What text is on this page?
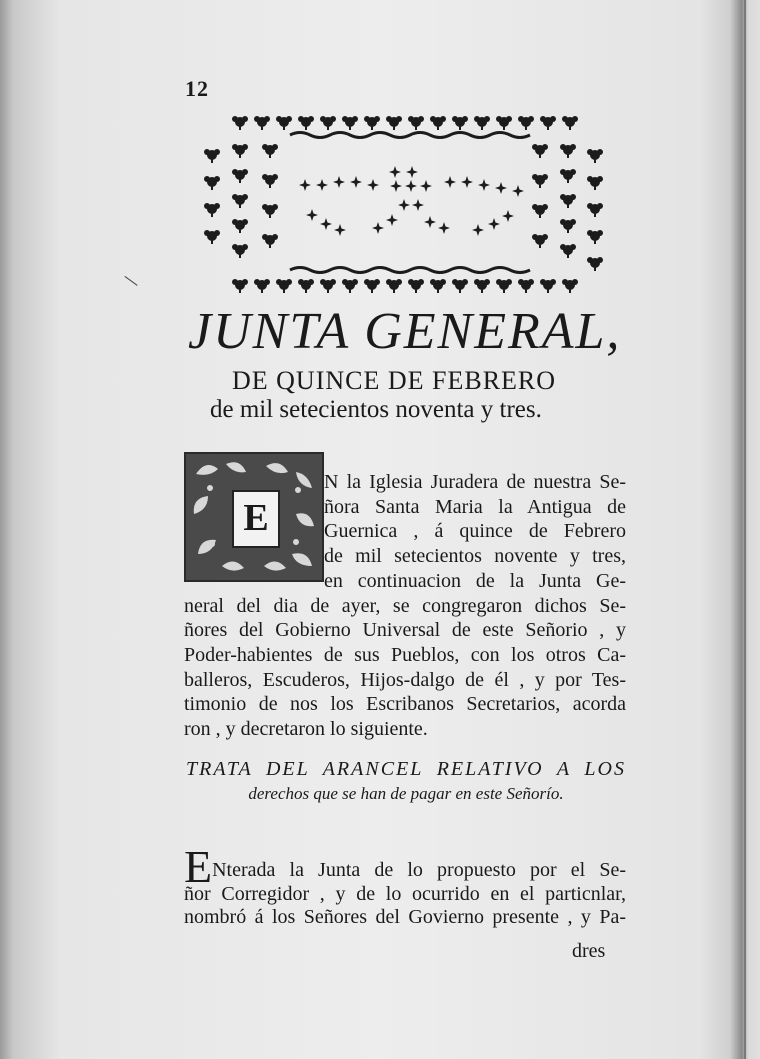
\
12

JUNTA GENERAL,
DE QUINCE DE FEBRERO
de mil setecientos noventa y tres.
E
N la Iglesia Juradera de nuestra Se-
ñora Santa Maria la Antigua de
Guernica , á quince de Febrero
de mil setecientos novente y tres,
en continuacion de la Junta Ge-
neral del dia de ayer, se congregaron dichos Se-
ñores del Gobierno Universal de este Señorio , y
Poder-habientes de sus Pueblos, con los otros Ca-
balleros, Escuderos, Hijos-dalgo de él , y por Tes-
timonio de nos los Escribanos Secretarios, acorda
ron , y decretaron lo siguiente.
TRATA DEL ARANCEL RELATIVO A LOS
derechos que se han de pagar en este Señorío.
ENterada la Junta de lo propuesto por el Se-
ñor Corregidor , y de lo ocurrido en el particnlar,
nombró á los Señores del Govierno presente , y Pa-
dres
